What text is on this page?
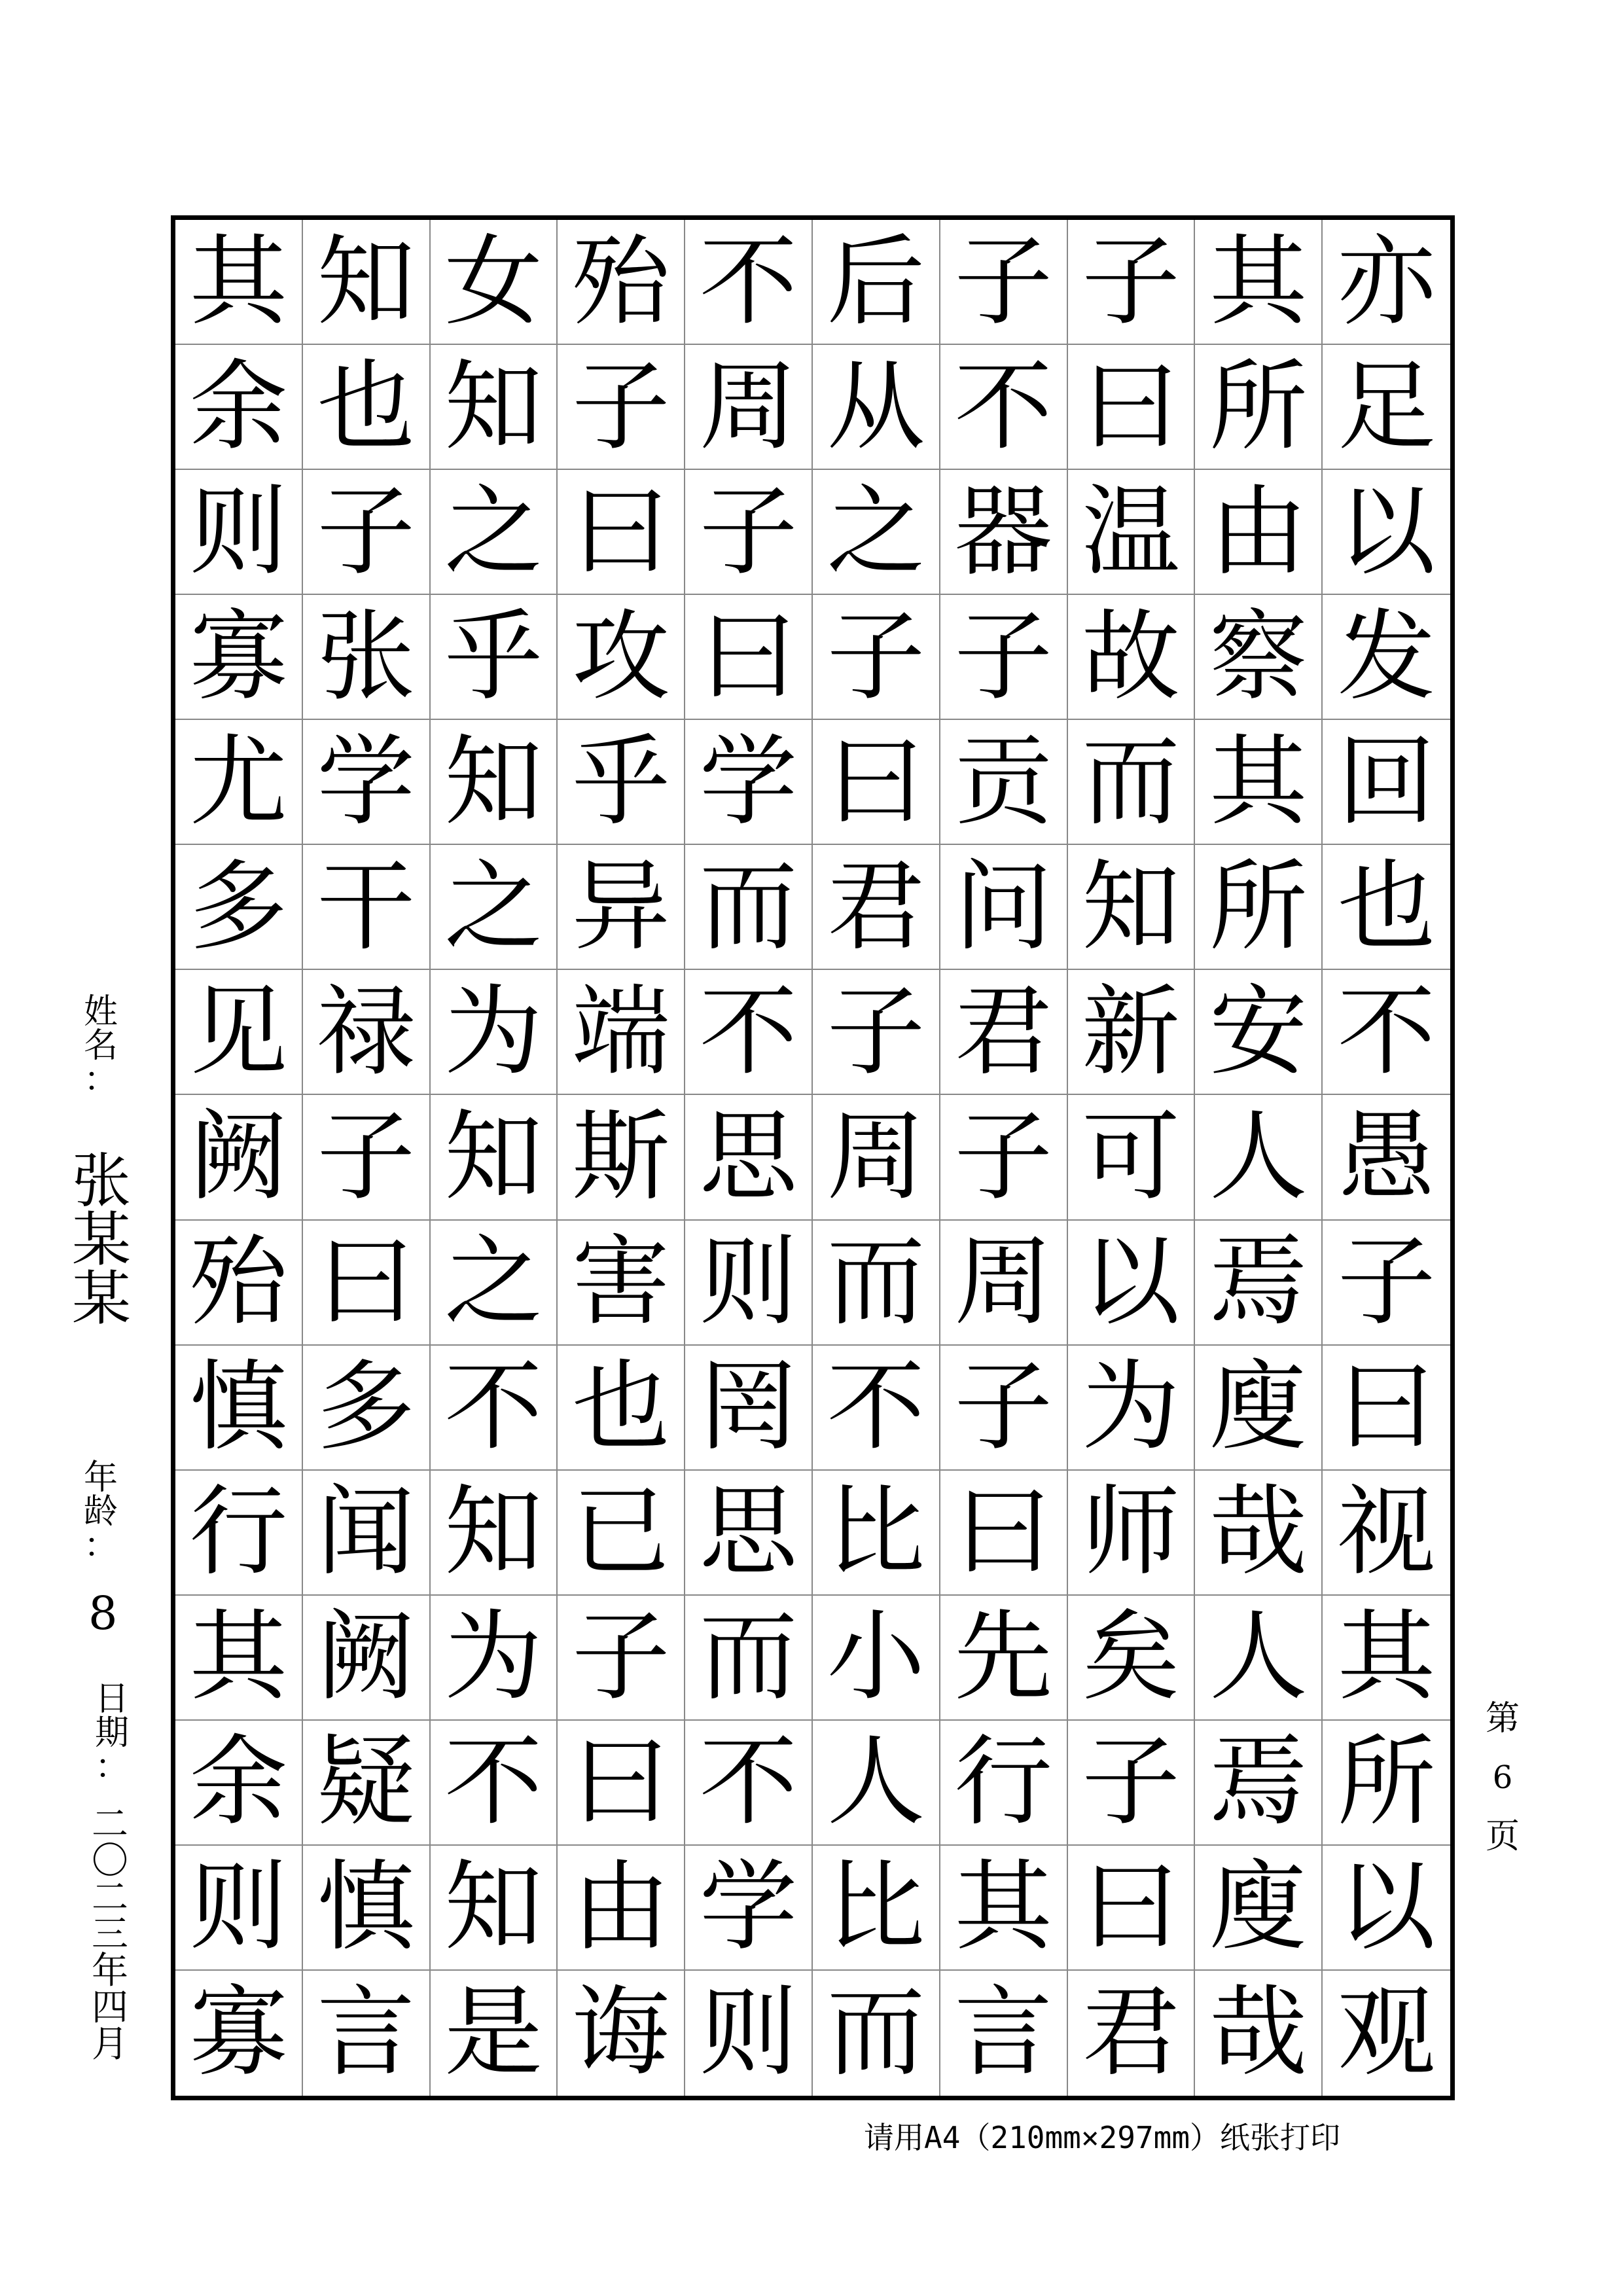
其 知 女 殆 不 后 子 子 其 亦
余 也 知 子 周 从 不 曰 所 足
则 子 之 曰 子 之 器 温 由 以
寡 张 乎 攻 曰 子 子 故 察 发
尤 学 知 乎 学 曰 贡 而 其 回
多 干 之 异 而 君 问 知 所 也
见 禄 为 端 不 子 君 新 安 不
阙 子 知 斯 思 周 子 可 人 愚
殆 曰 之 害 则 而 周 以 焉 子
慎 多 不 也 罔 不 子 为 廋 曰
行 闻 知 已 思 比 曰 师 哉 视
其 阙 为 子 而 小 先 矣 人 其
余 疑 不 曰 不 人 行 子 焉 所
则 慎 知 由 学 比 其 曰 廋 以
寡 言 是 诲 则 而 言 君 哉 观
姓
名
：
张
某
某
年
龄
：
8
日
期
：
二
〇
二
三
年
四
月
第
6
页
请用A4（210mm×297mm）纸张打印
